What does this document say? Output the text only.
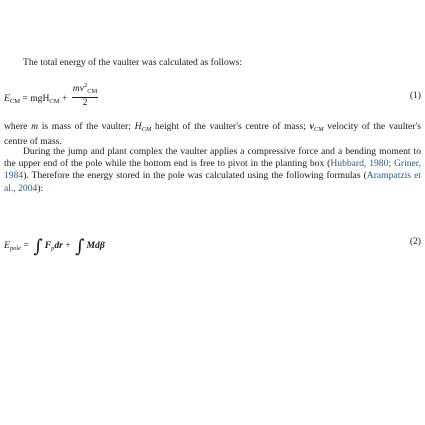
The total energy of the vaulter was calculated as follows:

$E_{CM} = mgH_{CM} + \frac{mv^2_{CM}}{2}$	(1)

where m is mass of the vaulter; $H_{CM}$ height of the vaulter's centre of mass; $v_{CM}$ velocity of the vaulter's centre of mass.

During the jump and plant complex the vaulter applies a compressive force and a bending moment to the upper end of the pole while the bottom end is free to pivot in the planting box (Hubbard, 1980; Griner, 1984). Therefore the energy stored in the pole was calculated using the following formulas (Arampatzis et al., 2004):

$E_{pole}$ = ∫ $F_pdr$ + ∫ Mdβ	(2)
